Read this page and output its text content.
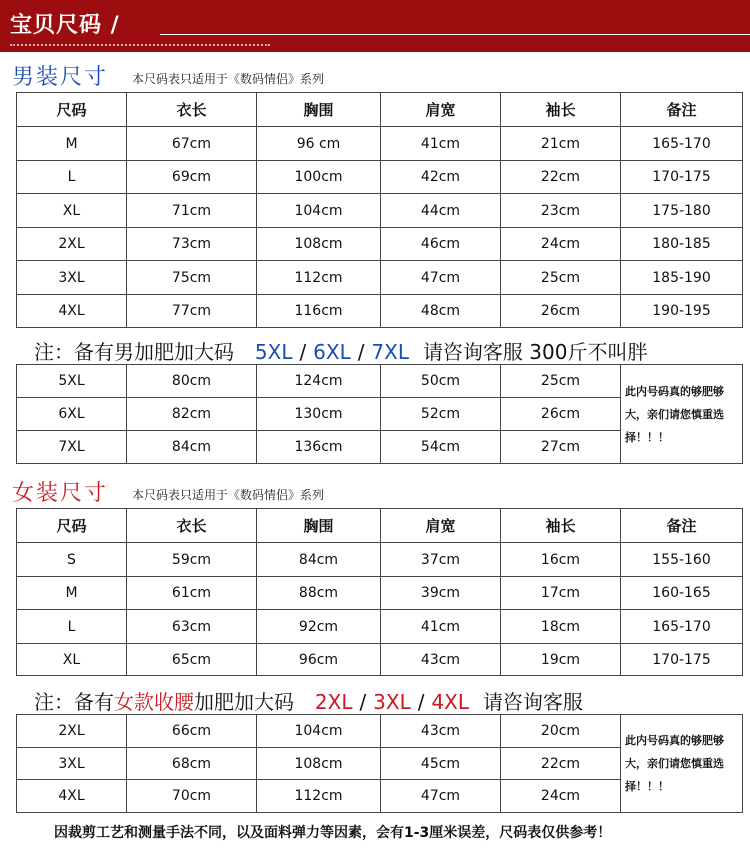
宝贝尺码 /
男装尺寸 本尺码表只适用于《数码情侣》系列
尺码	衣长	胸围	肩宽	袖长	备注
M	67cm	96 cm	41cm	21cm	165-170
L	69cm	100cm	42cm	22cm	170-175
XL	71cm	104cm	44cm	23cm	175-180
2XL	73cm	108cm	46cm	24cm	180-185
3XL	75cm	112cm	47cm	25cm	185-190
4XL	77cm	116cm	48cm	26cm	190-195
注：备有男加肥加大码 5XL / 6XL / 7XL 请咨询客服 300斤不叫胖
5XL	80cm	124cm	50cm	25cm	此内号码真的够肥够大，亲们请您慎重选择！！！
6XL	82cm	130cm	52cm	26cm	
7XL	84cm	136cm	54cm	27cm	
女装尺寸 本尺码表只适用于《数码情侣》系列
尺码	衣长	胸围	肩宽	袖长	备注
S	59cm	84cm	37cm	16cm	155-160
M	61cm	88cm	39cm	17cm	160-165
L	63cm	92cm	41cm	18cm	165-170
XL	65cm	96cm	43cm	19cm	170-175
注：备有女款收腰加肥加大码 2XL / 3XL / 4XL 请咨询客服
2XL	66cm	104cm	43cm	20cm	此内号码真的够肥够大，亲们请您慎重选择！！！
3XL	68cm	108cm	45cm	22cm	
4XL	70cm	112cm	47cm	24cm	
因裁剪工艺和测量手法不同，以及面料弹力等因素，会有1-3厘米误差，尺码表仅供参考！
